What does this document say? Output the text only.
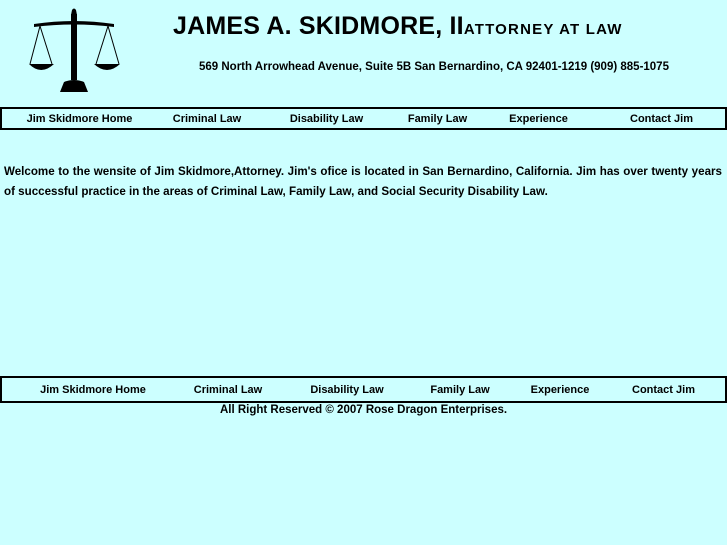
JAMES A. SKIDMORE, IIATTORNEY AT LAW
569 North Arrowhead Avenue, Suite 5B San Bernardino, CA 92401-1219 (909) 885-1075
Jim Skidmore Home	Criminal Law	Disability Law	Family Law	Experience	Contact Jim
Welcome to the wensite of Jim Skidmore,Attorney. Jim's ofice is located in San Bernardino, California. Jim has over twenty years of successful practice in the areas of Criminal Law, Family Law, and Social Security Disability Law.
Jim Skidmore Home	Criminal Law	Disability Law	Family Law	Experience	Contact Jim
All Right Reserved © 2007 Rose Dragon Enterprises.
